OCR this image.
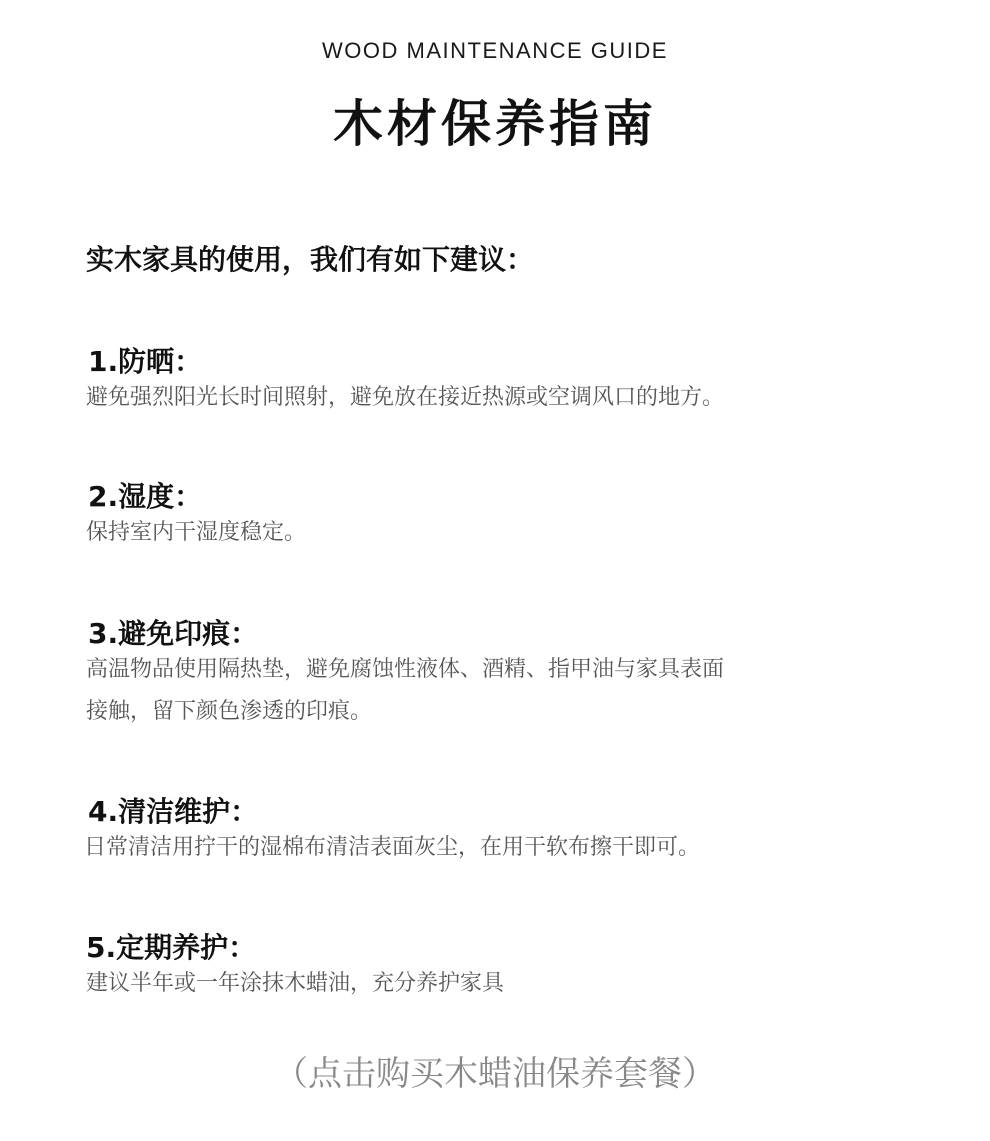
WOOD MAINTENANCE GUIDE
木材保养指南
实木家具的使用，我们有如下建议：
1.防晒：
避免强烈阳光长时间照射，避免放在接近热源或空调风口的地方。
2.湿度：
保持室内干湿度稳定。
3.避免印痕：
高温物品使用隔热垫，避免腐蚀性液体、酒精、指甲油与家具表面
接触，留下颜色渗透的印痕。
4.清洁维护：
日常清洁用拧干的湿棉布清洁表面灰尘，在用干软布擦干即可。
5.定期养护：
建议半年或一年涂抹木蜡油，充分养护家具
（点击购买木蜡油保养套餐）
